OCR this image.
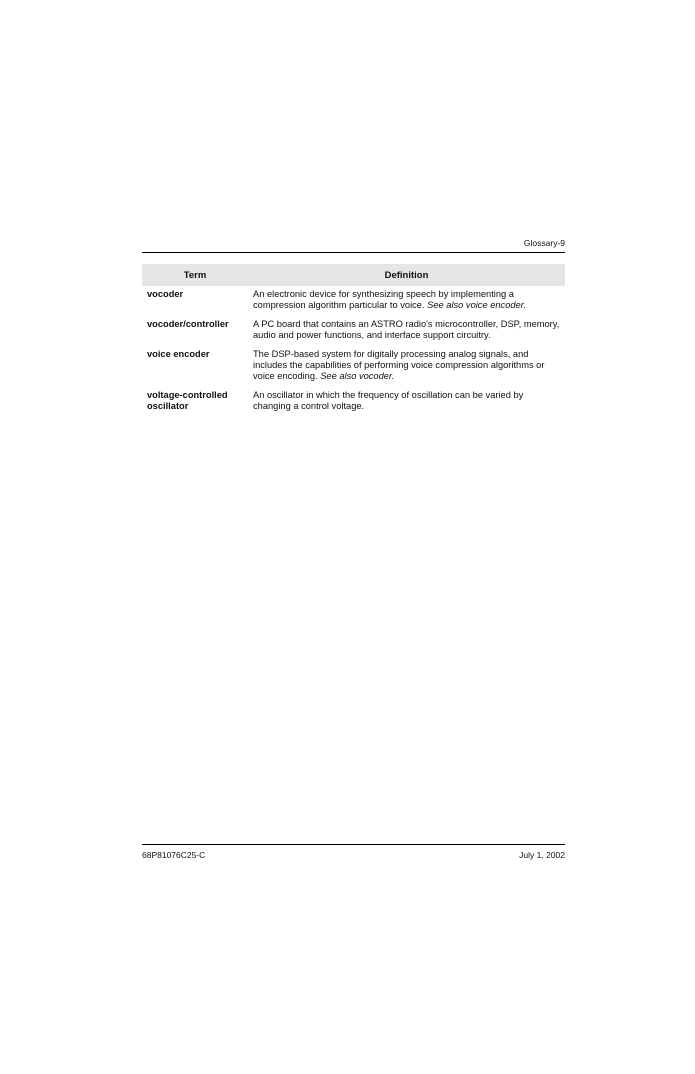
Glossary-9
Term	Definition
vocoder	An electronic device for synthesizing speech by implementing a compression algorithm particular to voice. See also voice encoder.
vocoder/controller	A PC board that contains an ASTRO radio's microcontroller, DSP, memory, audio and power functions, and interface support circuitry.
voice encoder	The DSP-based system for digitally processing analog signals, and includes the capabilities of performing voice compression algorithms or voice encoding. See also vocoder.
voltage-controlled oscillator	An oscillator in which the frequency of oscillation can be varied by changing a control voltage.
68P81076C25-C	July 1, 2002
